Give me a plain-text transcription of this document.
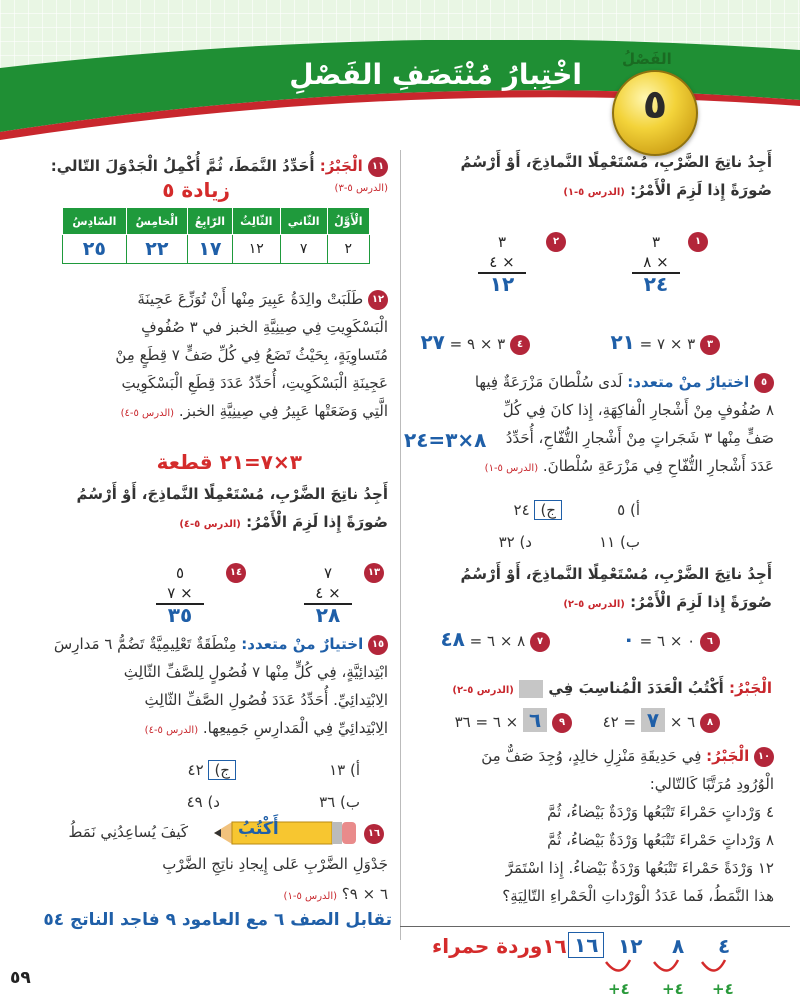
اخْتِبارُ مُنْتَصَفِ الفَصْلِ
الدروس من ٥-١ إلى ٥-٤
الفَصْلُ
٥
أَجِدُ ناتِجَ الضَّرْبِ، مُسْتَعْمِلًا النَّماذِجَ، أَوْ أَرْسُمُ
صُورَةً إِذا لَزِمَ الْأَمْرُ: (الدرس ٥-١)
١
٣
٨ ×
٢٤
٢
٣
٤ ×
١٢
٣ ٣ × ٧ = ٢١
٤ ٣ × ٩ = ٢٧
٥ اختيارٌ منْ متعدد: لَدى سُلْطانَ مَزْرَعَةٌ فِيها
٨ صُفُوفٍ مِنْ أَشْجارِ الْفاكِهَةِ، إِذا كانَ فِي كُلِّ
صَفٍّ مِنْها ٣ شَجَراتٍ مِنْ أَشْجارِ التُّفّاحِ، أُحَدِّدُ
عَدَدَ أَشْجارِ التُّفّاحِ فِي مَزْرَعَةِ سُلْطانَ. (الدرس ٥-١)
٨×٣=٢٤
أ) ٥
ج) ٢٤
ب) ١١
د) ٣٢
أَجِدُ ناتِجَ الضَّرْبِ، مُسْتَعْمِلًا النَّماذِجَ، أَوْ أَرْسُمُ
صُورَةً إِذا لَزِمَ الْأَمْرُ: (الدرس ٥-٢)
٦ ٠ × ٦ = ٠
٧ ٨ × ٦ = ٤٨
الْجَبْرُ: أَكْتُبُ الْعَدَدَ الْمُناسِبَ فِي  (الدرس ٥-٢)
٨ ٦ × ٧ = ٤٢
٩ ٦ × ٦ = ٣٦
١٠ الْجَبْرُ: فِي حَدِيقَةِ مَنْزِلِ خالِدٍ، وُجِدَ صَفٌّ مِنَ
الْوُرُودِ مُرَتَّبًا كَالتّالي:
٤ وَرْداتٍ حَمْراءَ تَتْبَعُها وَرْدَةٌ بَيْضاءُ، ثُمَّ
٨ وَرْداتٍ حَمْراءَ تَتْبَعُها وَرْدَةٌ بَيْضاءُ، ثُمَّ
١٢ وَرْدَةً حَمْراءَ تَتْبَعُها وَرْدَةٌ بَيْضاءُ. إِذا اسْتَمَرَّ
هذا النَّمَطُ، فَما عَدَدُ الْوَرْداتِ الْحَمْراءِ التّالِيَةِ؟
٤
٨
١٢
١٦
١٦وردة حمراء
+٤
+٤
+٤
١١ الْجَبْرُ: أُحَدِّدُ النَّمَطَ، ثُمَّ أُكْمِلُ الْجَدْوَلَ التّالي:
(الدرس ٥-٣)
زيادة ٥
الْأَوَّلُ	الثّاني	الثّالِثُ	الرّابِعُ	الْخامِسُ	السّادِسُ
٢	٧	١٢	١٧	٢٢	٢٥
١٢ طَلَبَتْ والِدَةُ عَبِيرَ مِنْها أَنْ تُوَزِّعَ عَجِينَةَ
الْبَسْكَوِيتِ فِي صِينِيَّةِ الخبز في ٣ صُفُوفٍ
مُتَساوِيَةٍ، بِحَيْثُ تَضَعُ فِي كُلِّ صَفٍّ ٧ قِطَعٍ مِنْ
عَجِينَةِ الْبَسْكَوِيتِ، أُحَدِّدُ عَدَدَ قِطَعِ الْبَسْكَوِيتِ
الَّتِي وَضَعَتْها عَبِيرُ فِي صِينِيَّةِ الخبز. (الدرس ٥-٤)
٣×٧=٢١ قطعة
أَجِدُ ناتِجَ الضَّرْبِ، مُسْتَعْمِلًا النَّماذِجَ، أَوْ أَرْسُمُ
صُورَةً إِذا لَزِمَ الْأَمْرُ: (الدرس ٥-٤)
١٣
٧
٤ ×
٢٨
١٤
٥
٧ ×
٣٥
١٥ اختيارٌ منْ متعدد: مِنْطَقَةٌ تَعْلِيمِيَّةٌ تَضُمُّ ٦ مَدارِسَ
ابْتِدائِيَّةٍ، فِي كُلٍّ مِنْها ٧ فُصُولٍ لِلصَّفِّ الثّالِثِ
الِابْتِدائِيِّ. أُحَدِّدُ عَدَدَ فُصُولِ الصَّفِّ الثّالِثِ
الِابْتِدائِيِّ فِي الْمَدارِسِ جَمِيعِها. (الدرس ٥-٤)
أ) ١٣
ج) ٤٢
ب) ٣٦
د) ٤٩
١٦
أَكْتُبُ
كَيفَ يُساعِدُنِي نَمَطُ
جَدْوَلِ الضَّرْبِ عَلى إِيجادِ ناتِجِ الضَّرْبِ
٦ × ٩؟ (الدرس ٥-١)
تقابل الصف ٦ مع العامود ٩ فاجد الناتج ٥٤
٥٩
